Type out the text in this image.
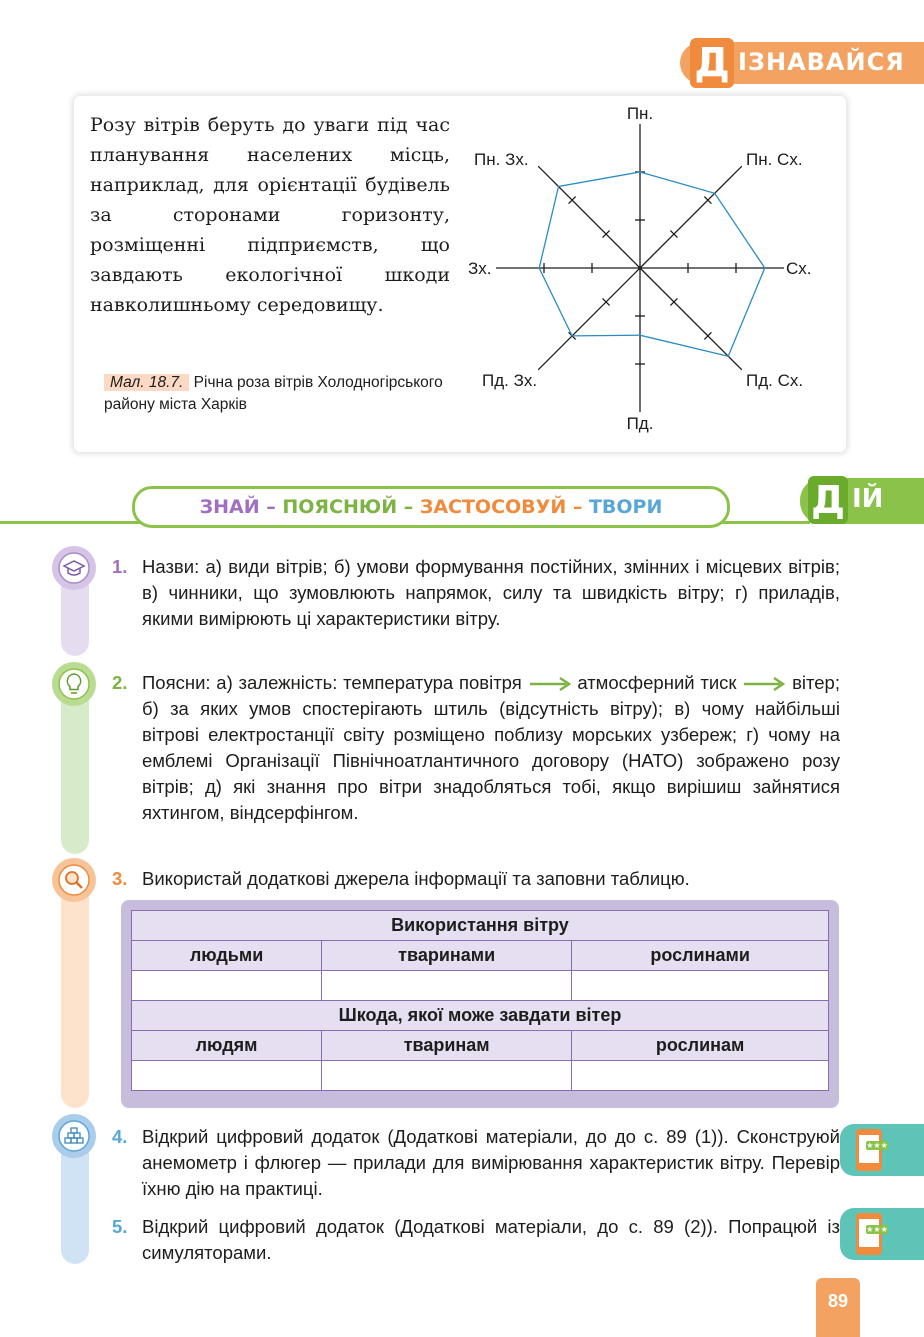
Д ІЗНАВАЙСЯ
Розу вітрів беруть до уваги під час планування населених місць, наприклад, для орієнтації будівель за сторонами горизонту, розміщенні підприємств, що завдають екологічної шкоди навколишньому середовищу.
Мал. 18.7. Річна роза вітрів Холодногірського району міста Харків
Пн.
Пн. Сх.
Сх.
Пд. Сх.
Пд.
Пд. Зх.
Зх.
Пн. Зх.
ЗНАЙ – ПОЯСНЮЙ – ЗАСТОСОВУЙ – ТВОРИ	Д ІЙ
1. Назви: а) види вітрів; б) умови формування постійних, змінних і місцевих вітрів; в) чинники, що зумовлюють напрямок, силу та швидкість вітру; г) приладів, якими вимірюють ці характеристики вітру.
2. Поясни: а) залежність: температура повітря  атмосферний тиск  вітер; б) за яких умов спостерігають штиль (відсутність вітру); в) чому найбільші вітрові електростанції світу розміщено поблизу морських узбереж; г) чому на емблемі Організації Північноатлантичного договору (НАТО) зображено розу вітрів; д) які знання про вітри знадобляться тобі, якщо вирішиш зайнятися яхтингом, віндсерфінгом.
3. Використай додаткові джерела інформації та заповни таблицю.
Використання вітру		
людьми	тваринами	рослинами

Шкода, якої може завдати вітер		
людям	тваринам	рослинам

4. Відкрий цифровий додаток (Додаткові матеріали, до до с. 89 (1)). Сконструюй анемометр і флюгер — прилади для вимірювання характеристик вітру. Перевір їхню дію на практиці.
5. Відкрий цифровий додаток (Додаткові матеріали, до с. 89 (2)). Попрацюй із симуляторами.
★★★
★★★
89
